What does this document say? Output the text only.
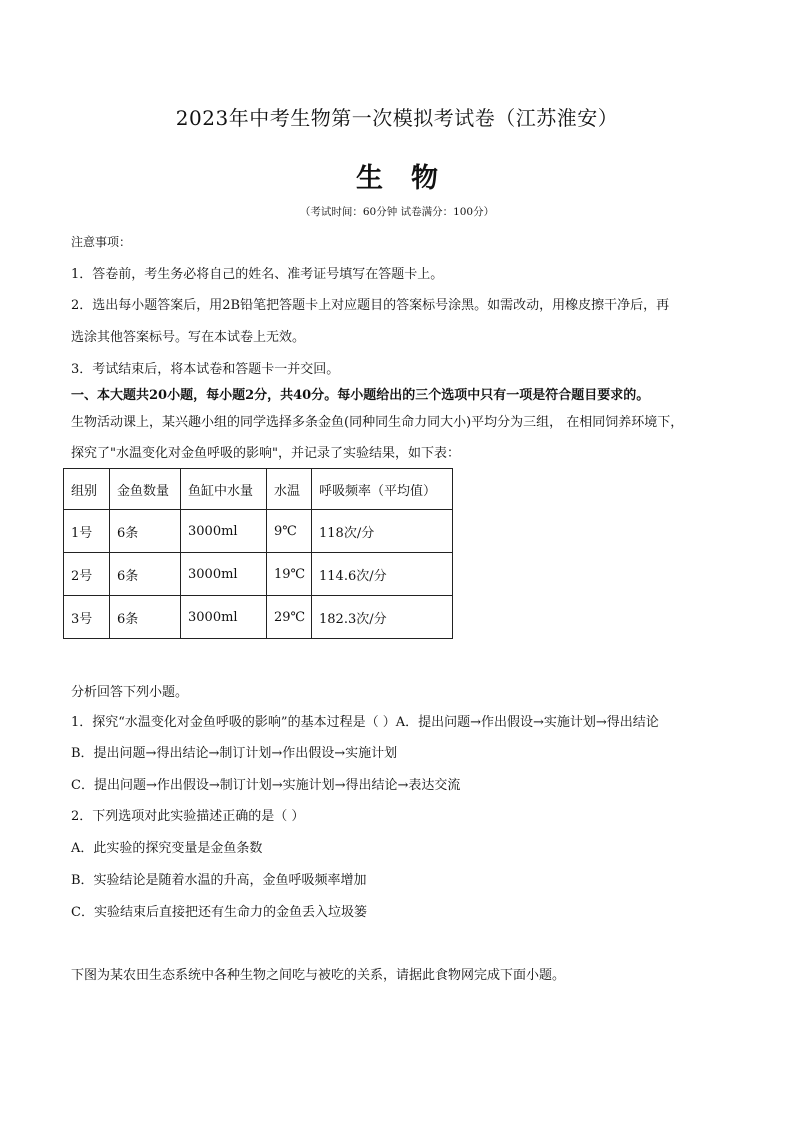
2023年中考生物第一次模拟考试卷（江苏淮安）
生物
（考试时间：60分钟 试卷满分：100分）
注意事项：
1．答卷前，考生务必将自己的姓名、准考证号填写在答题卡上。
2．选出每小题答案后，用2B铅笔把答题卡上对应题目的答案标号涂黑。如需改动，用橡皮擦干净后，再
选涂其他答案标号。写在本试卷上无效。
3．考试结束后，将本试卷和答题卡一并交回。
一、本大题共20小题，每小题2分，共40分。每小题给出的三个选项中只有一项是符合题目要求的。
生物活动课上，某兴趣小组的同学选择多条金鱼(同种同生命力同大小)平均分为三组， 在相同饲养环境下，
探究了"水温变化对金鱼呼吸的影响"，并记录了实验结果，如下表：
组别	金鱼数量	鱼缸中水量	水温	呼吸频率（平均值）
1号	6条	3000ml	9℃	118次/分
2号	6条	3000ml	19℃	114.6次/分
3号	6条	3000ml	29℃	182.3次/分
分析回答下列小题。
1．探究“水温变化对金鱼呼吸的影响”的基本过程是（ ）A．提出问题→作出假设→实施计划→得出结论
B．提出问题→得出结论→制订计划→作出假设→实施计划
C．提出问题→作出假设→制订计划→实施计划→得出结论→表达交流
2．下列选项对此实验描述正确的是（ ）
A．此实验的探究变量是金鱼条数
B．实验结论是随着水温的升高，金鱼呼吸频率增加
C．实验结束后直接把还有生命力的金鱼丢入垃圾篓
下图为某农田生态系统中各种生物之间吃与被吃的关系，请据此食物网完成下面小题。
